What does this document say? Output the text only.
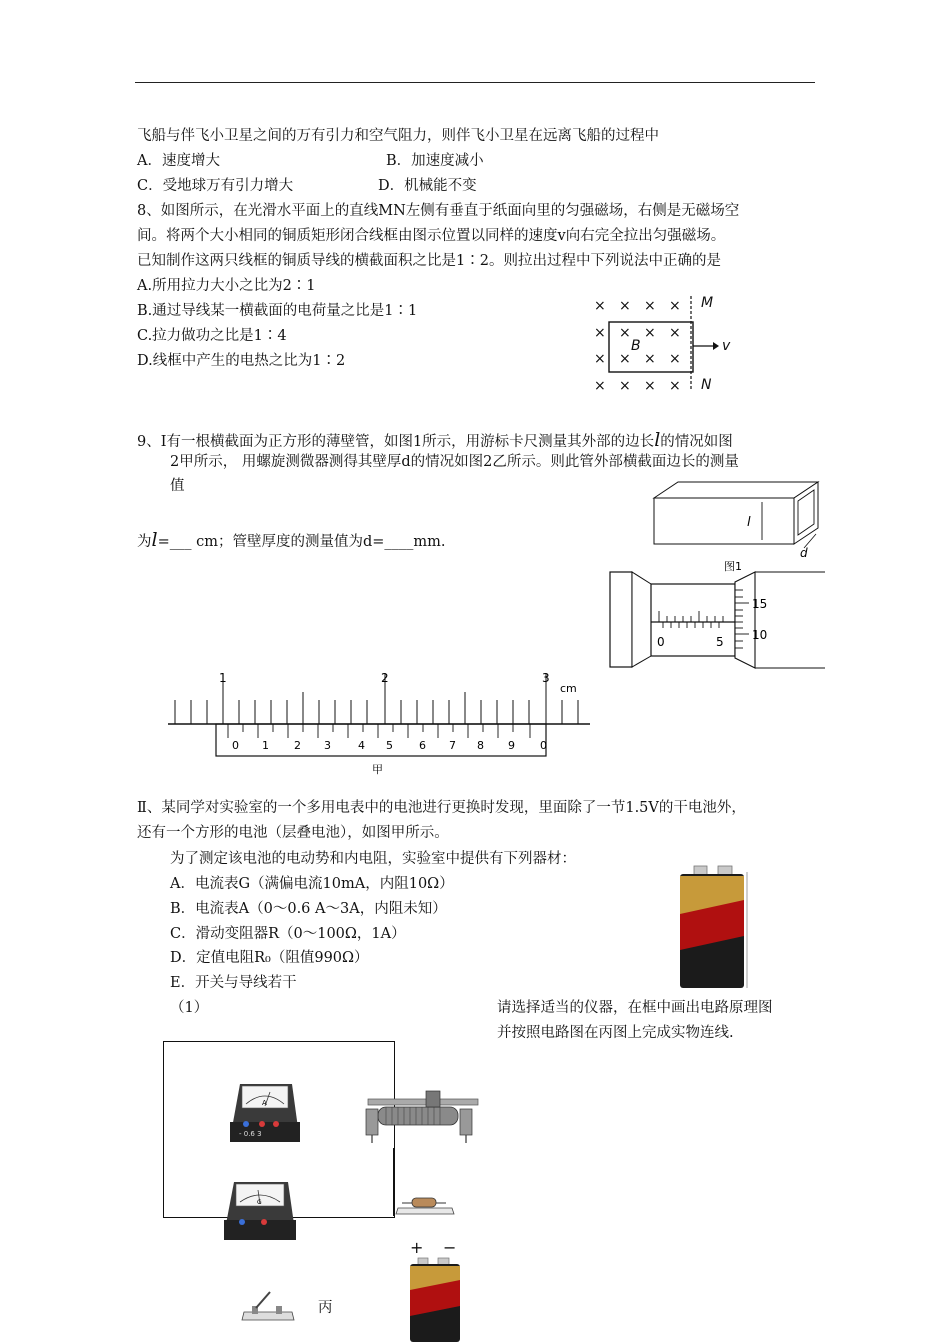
飞船与伴飞小卫星之间的万有引力和空气阻力，则伴飞小卫星在远离飞船的过程中
A．速度增大	B．加速度减小
C．受地球万有引力增大	D．机械能不变
8、如图所示，在光滑水平面上的直线MN左侧有垂直于纸面向里的匀强磁场，右侧是无磁场空
间。将两个大小相同的铜质矩形闭合线框由图示位置以同样的速度v向右完全拉出匀强磁场。
已知制作这两只线框的铜质导线的横截面积之比是1∶2。则拉出过程中下列说法中正确的是
A.所用拉力大小之比为2∶1
B.通过导线某一横截面的电荷量之比是1∶1
C.拉力做功之比是1∶4
D.线框中产生的电热之比为1∶2
× × × ×
× × × ×
× × × ×
× × × ×
M
N
B	v
9、Ⅰ有一根横截面为正方形的薄壁管，如图1所示，用游标卡尺测量其外部的边长l的情况如图
2甲所示， 用螺旋测微器测得其壁厚d的情况如图2乙所示。则此管外部横截面边长的测量
值
为l=___ cm；管壁厚度的测量值为d=____mm.
l
d
图1
0	5
15
10
1	2	3
cm
0 1 2 3 4 5 6 7 8 9 0
甲
Ⅱ、某同学对实验室的一个多用电表中的电池进行更换时发现，里面除了一节1.5V的干电池外，
还有一个方形的电池（层叠电池），如图甲所示。
为了测定该电池的电动势和内电阻，实验室中提供有下列器材：
A．电流表G（满偏电流10mA，内阻10Ω）
B．电流表A（0～0.6 A～3A，内阻未知）
C．滑动变阻器R（0～100Ω，1A）
D．定值电阻R₀（阻值990Ω）
E．开关与导线若干
（1）	请选择适当的仪器，在框中画出电路原理图
并按照电路图在丙图上完成实物连线.
A
- 0.6 3
G
丙
+ −
